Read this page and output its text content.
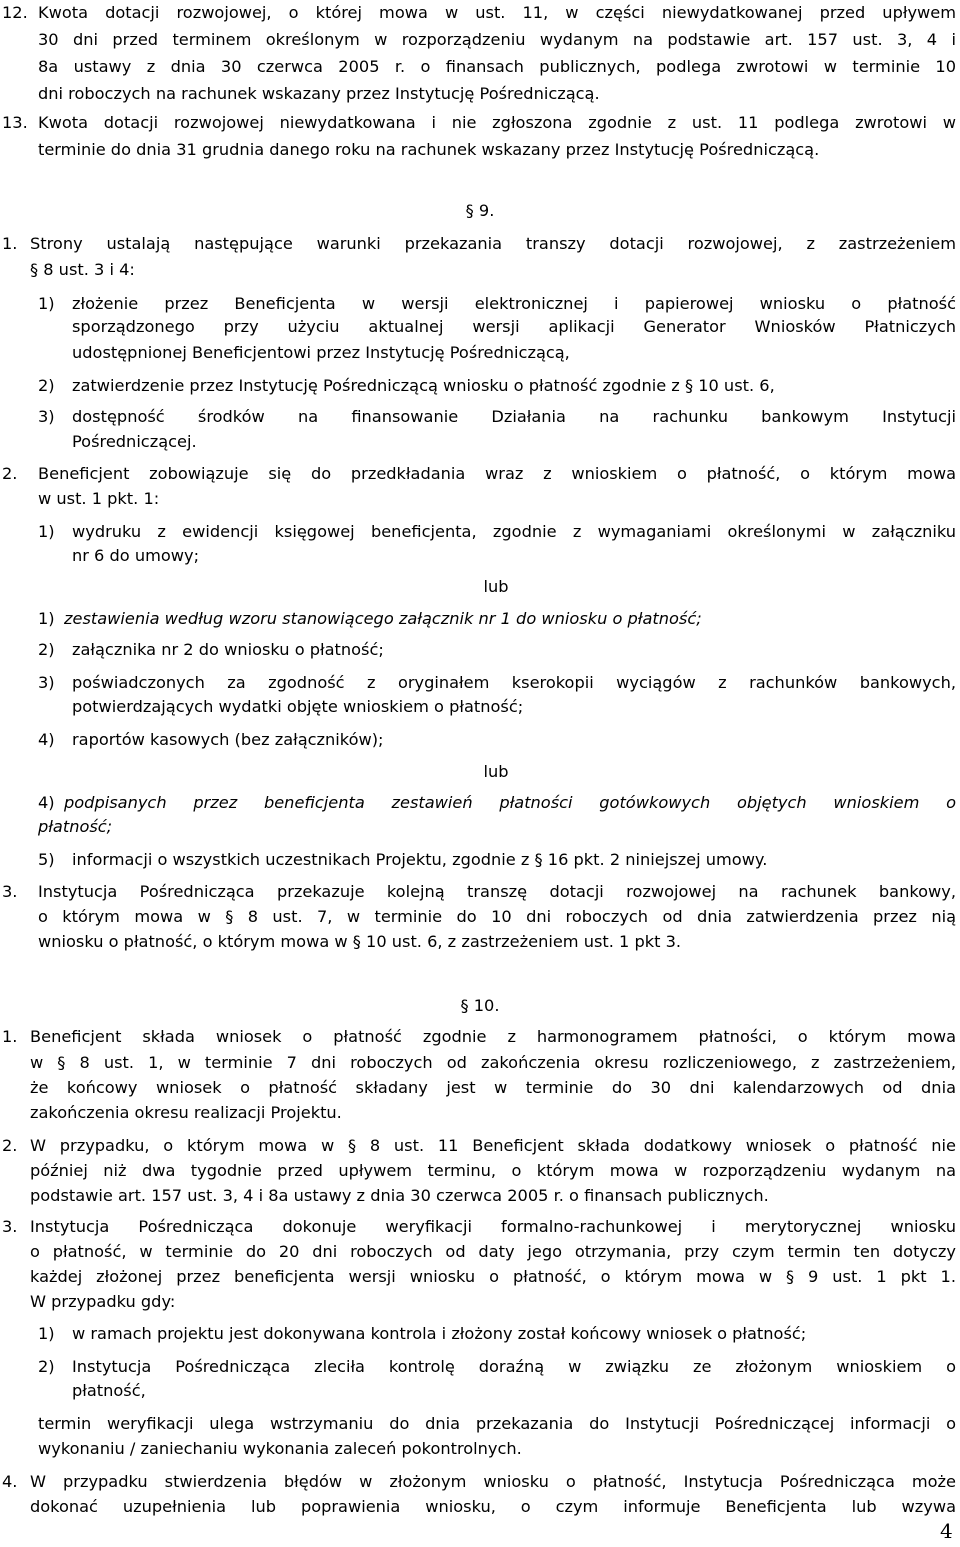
12. Kwota dotacji rozwojowej, o której mowa w ust. 11, w części niewydatkowanej przed upływem
30 dni przed terminem określonym w rozporządzeniu wydanym na podstawie art. 157 ust. 3, 4 i
8a ustawy z dnia 30 czerwca 2005 r. o finansach publicznych, podlega zwrotowi w terminie 10
dni roboczych na rachunek wskazany przez Instytucję Pośredniczącą.
13. Kwota dotacji rozwojowej niewydatkowana i nie zgłoszona zgodnie z ust. 11 podlega zwrotowi w
terminie do dnia 31 grudnia danego roku na rachunek wskazany przez Instytucję Pośredniczącą.
§ 9.
1. Strony ustalają następujące warunki przekazania transzy dotacji rozwojowej, z zastrzeżeniem
§ 8 ust. 3 i 4:
1) złożenie przez Beneficjenta w wersji elektronicznej i papierowej wniosku o płatność
sporządzonego przy użyciu aktualnej wersji aplikacji Generator Wniosków Płatniczych
udostępnionej Beneficjentowi przez Instytucję Pośredniczącą,
2) zatwierdzenie przez Instytucję Pośredniczącą wniosku o płatność zgodnie z § 10 ust. 6,
3) dostępność środków na finansowanie Działania na rachunku bankowym Instytucji
Pośredniczącej.
2. Beneficjent zobowiązuje się do przedkładania wraz z wnioskiem o płatność, o którym mowa
w ust. 1 pkt. 1:
1) wydruku z ewidencji księgowej beneficjenta, zgodnie z wymaganiami określonymi w załączniku
nr 6 do umowy;
lub
1) zestawienia według wzoru stanowiącego załącznik nr 1 do wniosku o płatność;
2) załącznika nr 2 do wniosku o płatność;
3) poświadczonych za zgodność z oryginałem kserokopii wyciągów z rachunków bankowych,
potwierdzających wydatki objęte wnioskiem o płatność;
4) raportów kasowych (bez załączników);
lub
4) podpisanych przez beneficjenta zestawień płatności gotówkowych objętych wnioskiem o
płatność;
5) informacji o wszystkich uczestnikach Projektu, zgodnie z § 16 pkt. 2 niniejszej umowy.
3. Instytucja Pośrednicząca przekazuje kolejną transzę dotacji rozwojowej na rachunek bankowy,
o którym mowa w § 8 ust. 7, w terminie do 10 dni roboczych od dnia zatwierdzenia przez nią
wniosku o płatność, o którym mowa w § 10 ust. 6, z zastrzeżeniem ust. 1 pkt 3.
§ 10.
1. Beneficjent składa wniosek o płatność zgodnie z harmonogramem płatności, o którym mowa
w § 8 ust. 1, w terminie 7 dni roboczych od zakończenia okresu rozliczeniowego, z zastrzeżeniem,
że końcowy wniosek o płatność składany jest w terminie do 30 dni kalendarzowych od dnia
zakończenia okresu realizacji Projektu.
2. W przypadku, o którym mowa w § 8 ust. 11 Beneficjent składa dodatkowy wniosek o płatność nie
później niż dwa tygodnie przed upływem terminu, o którym mowa w rozporządzeniu wydanym na
podstawie art. 157 ust. 3, 4 i 8a ustawy z dnia 30 czerwca 2005 r. o finansach publicznych.
3. Instytucja Pośrednicząca dokonuje weryfikacji formalno-rachunkowej i merytorycznej wniosku
o płatność, w terminie do 20 dni roboczych od daty jego otrzymania, przy czym termin ten dotyczy
każdej złożonej przez beneficjenta wersji wniosku o płatność, o którym mowa w § 9 ust. 1 pkt 1.
W przypadku gdy:
1) w ramach projektu jest dokonywana kontrola i złożony został końcowy wniosek o płatność;
2) Instytucja Pośrednicząca zleciła kontrolę doraźną w związku ze złożonym wnioskiem o
płatność,
termin weryfikacji ulega wstrzymaniu do dnia przekazania do Instytucji Pośredniczącej informacji o
wykonaniu / zaniechaniu wykonania zaleceń pokontrolnych.
4. W przypadku stwierdzenia błędów w złożonym wniosku o płatność, Instytucja Pośrednicząca może
dokonać uzupełnienia lub poprawienia wniosku, o czym informuje Beneficjenta lub wzywa
4
